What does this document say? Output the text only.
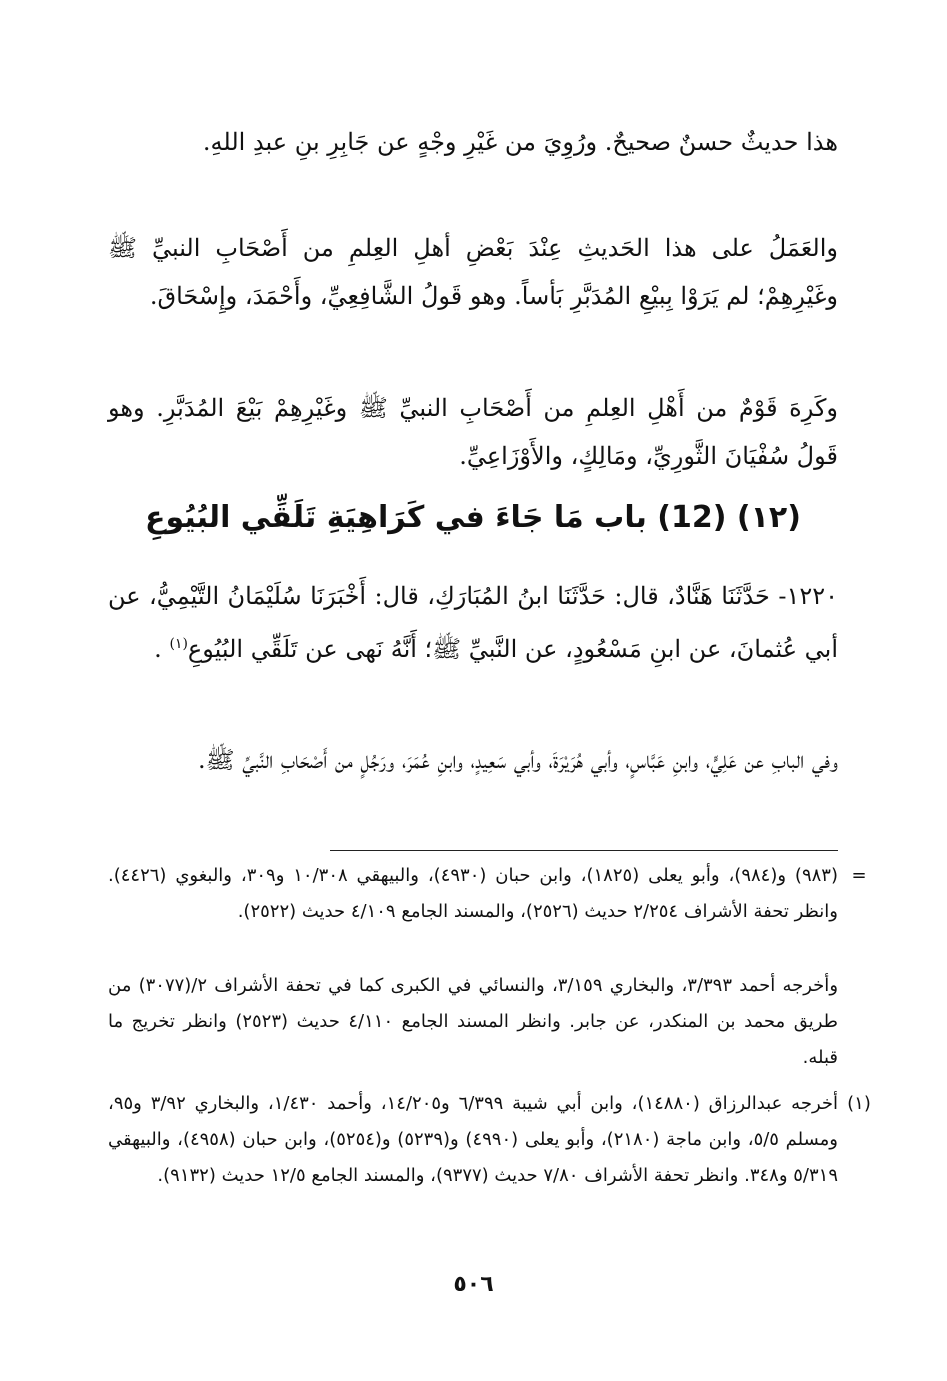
هذا حديثٌ حسنٌ صحيحٌ. ورُوِيَ من غَيْرِ وجْهٍ عن جَابِرِ بنِ عبدِ اللهِ.

والعَمَلُ على هذا الحَديثِ عِنْدَ بَعْضِ أهلِ العِلمِ من أَصْحَابِ النبيِّ ﷺ وغَيْرِهِمْ؛ لم يَرَوْا بِبيْعِ المُدَبَّرِ بَأساً. وهو قَولُ الشَّافِعِيِّ، وأَحْمَدَ، وإِسْحَاقَ.

وكَرِهَ قَوْمٌ من أَهْلِ العِلمِ من أَصْحَابِ النبيِّ ﷺ وغَيْرِهِمْ بَيْعَ المُدَبَّرِ. وهو قَولُ سُفْيَانَ الثَّورِيِّ، ومَالِكٍ، والأَوْزَاعِيِّ.

(١٢) (12) باب مَا جَاءَ في كَرَاهِيَةِ تَلَقِّي البُيُوعِ

١٢٢٠- حَدَّثَنَا هَنَّادٌ، قال: حَدَّثَنَا ابنُ المُبَارَكِ، قال: أَخْبَرَنَا سُلَيْمَانُ التَّيْمِيُّ، عن أبي عُثمانَ، عن ابنِ مَسْعُودٍ، عن النَّبيِّ ﷺ؛ أَنَّهُ نَهى عن تَلَقِّي البُيُوعِ$^{(١)}$ .

وفي البابِ عن عَلِيٍّ، وابنِ عَبَّاسٍ، وأبي هُرَيْرَةَ، وأبي سَعِيدٍ، وابنِ عُمَرَ، ورَجُلٍ من أَصْحَابِ النَّبيِّ ﷺ.

=
(٩٨٣) و(٩٨٤)، وأبو يعلى (١٨٢٥)، وابن حبان (٤٩٣٠)، والبيهقي ١٠/٣٠٨ و٣٠٩، والبغوي (٤٤٢٦). وانظر تحفة الأشراف ٢/٢٥٤ حديث (٢٥٢٦)، والمسند الجامع ٤/١٠٩ حديث (٢٥٢٢).
وأخرجه أحمد ٣/٣٩٣، والبخاري ٣/١٥٩، والنسائي في الكبرى كما في تحفة الأشراف ٢/(٣٠٧٧) من طريق محمد بن المنكدر، عن جابر. وانظر المسند الجامع ٤/١١٠ حديث (٢٥٢٣) وانظر تخريج ما قبله.
(١)
أخرجه عبدالرزاق (١٤٨٨٠)، وابن أبي شيبة ٦/٣٩٩ و١٤/٢٠٥، وأحمد ١/٤٣٠، والبخاري ٣/٩٢ و٩٥، ومسلم ٥/٥، وابن ماجة (٢١٨٠)، وأبو يعلى (٤٩٩٠) و(٥٢٣٩) و(٥٢٥٤)، وابن حبان (٤٩٥٨)، والبيهقي ٥/٣١٩ و٣٤٨. وانظر تحفة الأشراف ٧/٨٠ حديث (٩٣٧٧)، والمسند الجامع ١٢/٥ حديث (٩١٣٢).
٥٠٦
